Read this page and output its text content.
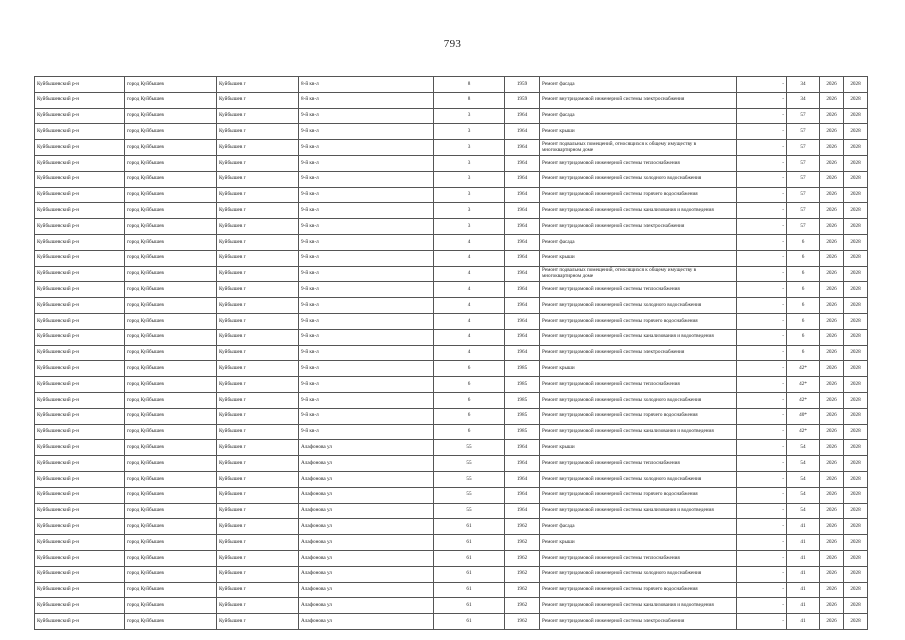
793
Куйбышевский р-н	город Куйбышев	Куйбышев г	8-й кв-л	8	1959	Ремонт фасада	-	34	2026	2028
Куйбышевский р-н	город Куйбышев	Куйбышев г	8-й кв-л	8	1959	Ремонт внутридомовой инженерной системы электроснабжения	-	34	2026	2028
Куйбышевский р-н	город Куйбышев	Куйбышев г	9-й кв-л	3	1964	Ремонт фасада	-	57	2026	2028
Куйбышевский р-н	город Куйбышев	Куйбышев г	9-й кв-л	3	1964	Ремонт крыши	-	57	2026	2028
Куйбышевский р-н	город Куйбышев	Куйбышев г	9-й кв-л	3	1964	Ремонт подвальных помещений, относящихся к общему имуществу в многоквартирном доме	-	57	2026	2028
Куйбышевский р-н	город Куйбышев	Куйбышев г	9-й кв-л	3	1964	Ремонт внутридомовой инженерной системы теплоснабжения	-	57	2026	2028
Куйбышевский р-н	город Куйбышев	Куйбышев г	9-й кв-л	3	1964	Ремонт внутридомовой инженерной системы холодного водоснабжения	-	57	2026	2028
Куйбышевский р-н	город Куйбышев	Куйбышев г	9-й кв-л	3	1964	Ремонт внутридомовой инженерной системы горячего водоснабжения	-	57	2026	2028
Куйбышевский р-н	город Куйбышев	Куйбышев г	9-й кв-л	3	1964	Ремонт внутридомовой инженерной системы канализования и водоотведения	-	57	2026	2028
Куйбышевский р-н	город Куйбышев	Куйбышев г	9-й кв-л	3	1964	Ремонт внутридомовой инженерной системы электроснабжения	-	57	2026	2028
Куйбышевский р-н	город Куйбышев	Куйбышев г	9-й кв-л	4	1964	Ремонт фасада	-	6	2026	2028
Куйбышевский р-н	город Куйбышев	Куйбышев г	9-й кв-л	4	1964	Ремонт крыши	-	6	2026	2028
Куйбышевский р-н	город Куйбышев	Куйбышев г	9-й кв-л	4	1964	Ремонт подвальных помещений, относящихся к общему имуществу в многоквартирном доме	-	6	2026	2028
Куйбышевский р-н	город Куйбышев	Куйбышев г	9-й кв-л	4	1964	Ремонт внутридомовой инженерной системы теплоснабжения	-	6	2026	2028
Куйбышевский р-н	город Куйбышев	Куйбышев г	9-й кв-л	4	1964	Ремонт внутридомовой инженерной системы холодного водоснабжения	-	6	2026	2028
Куйбышевский р-н	город Куйбышев	Куйбышев г	9-й кв-л	4	1964	Ремонт внутридомовой инженерной системы горячего водоснабжения	-	6	2026	2028
Куйбышевский р-н	город Куйбышев	Куйбышев г	9-й кв-л	4	1964	Ремонт внутридомовой инженерной системы канализования и водоотведения	-	6	2026	2028
Куйбышевский р-н	город Куйбышев	Куйбышев г	9-й кв-л	4	1964	Ремонт внутридомовой инженерной системы электроснабжения	-	6	2026	2028
Куйбышевский р-н	город Куйбышев	Куйбышев г	9-й кв-л	6	1985	Ремонт крыши	-	42*	2026	2028
Куйбышевский р-н	город Куйбышев	Куйбышев г	9-й кв-л	6	1985	Ремонт внутридомовой инженерной системы теплоснабжения	-	42*	2026	2028
Куйбышевский р-н	город Куйбышев	Куйбышев г	9-й кв-л	6	1985	Ремонт внутридомовой инженерной системы холодного водоснабжения	-	42*	2026	2028
Куйбышевский р-н	город Куйбышев	Куйбышев г	9-й кв-л	6	1985	Ремонт внутридомовой инженерной системы горячего водоснабжения	-	40*	2026	2028
Куйбышевский р-н	город Куйбышев	Куйбышев г	9-й кв-л	6	1985	Ремонт внутридомовой инженерной системы канализования и водоотведения	-	42*	2026	2028
Куйбышевский р-н	город Куйбышев	Куйбышев г	Алафонова ул	55	1964	Ремонт крыши	-	54	2026	2028
Куйбышевский р-н	город Куйбышев	Куйбышев г	Алафонова ул	55	1964	Ремонт внутридомовой инженерной системы теплоснабжения	-	54	2026	2028
Куйбышевский р-н	город Куйбышев	Куйбышев г	Алафонова ул	55	1964	Ремонт внутридомовой инженерной системы холодного водоснабжения	-	54	2026	2028
Куйбышевский р-н	город Куйбышев	Куйбышев г	Алафонова ул	55	1964	Ремонт внутридомовой инженерной системы горячего водоснабжения	-	54	2026	2028
Куйбышевский р-н	город Куйбышев	Куйбышев г	Алафонова ул	55	1964	Ремонт внутридомовой инженерной системы канализования и водоотведения	-	54	2026	2028
Куйбышевский р-н	город Куйбышев	Куйбышев г	Алафонова ул	61	1962	Ремонт фасада	-	41	2026	2028
Куйбышевский р-н	город Куйбышев	Куйбышев г	Алафонова ул	61	1962	Ремонт крыши	-	41	2026	2028
Куйбышевский р-н	город Куйбышев	Куйбышев г	Алафонова ул	61	1962	Ремонт внутридомовой инженерной системы теплоснабжения	-	41	2026	2028
Куйбышевский р-н	город Куйбышев	Куйбышев г	Алафонова ул	61	1962	Ремонт внутридомовой инженерной системы холодного водоснабжения	-	41	2026	2028
Куйбышевский р-н	город Куйбышев	Куйбышев г	Алафонова ул	61	1962	Ремонт внутридомовой инженерной системы горячего водоснабжения	-	41	2026	2028
Куйбышевский р-н	город Куйбышев	Куйбышев г	Алафонова ул	61	1962	Ремонт внутридомовой инженерной системы канализования и водоотведения	-	41	2026	2028
Куйбышевский р-н	город Куйбышев	Куйбышев г	Алафонова ул	61	1962	Ремонт внутридомовой инженерной системы электроснабжения	-	41	2026	2028
